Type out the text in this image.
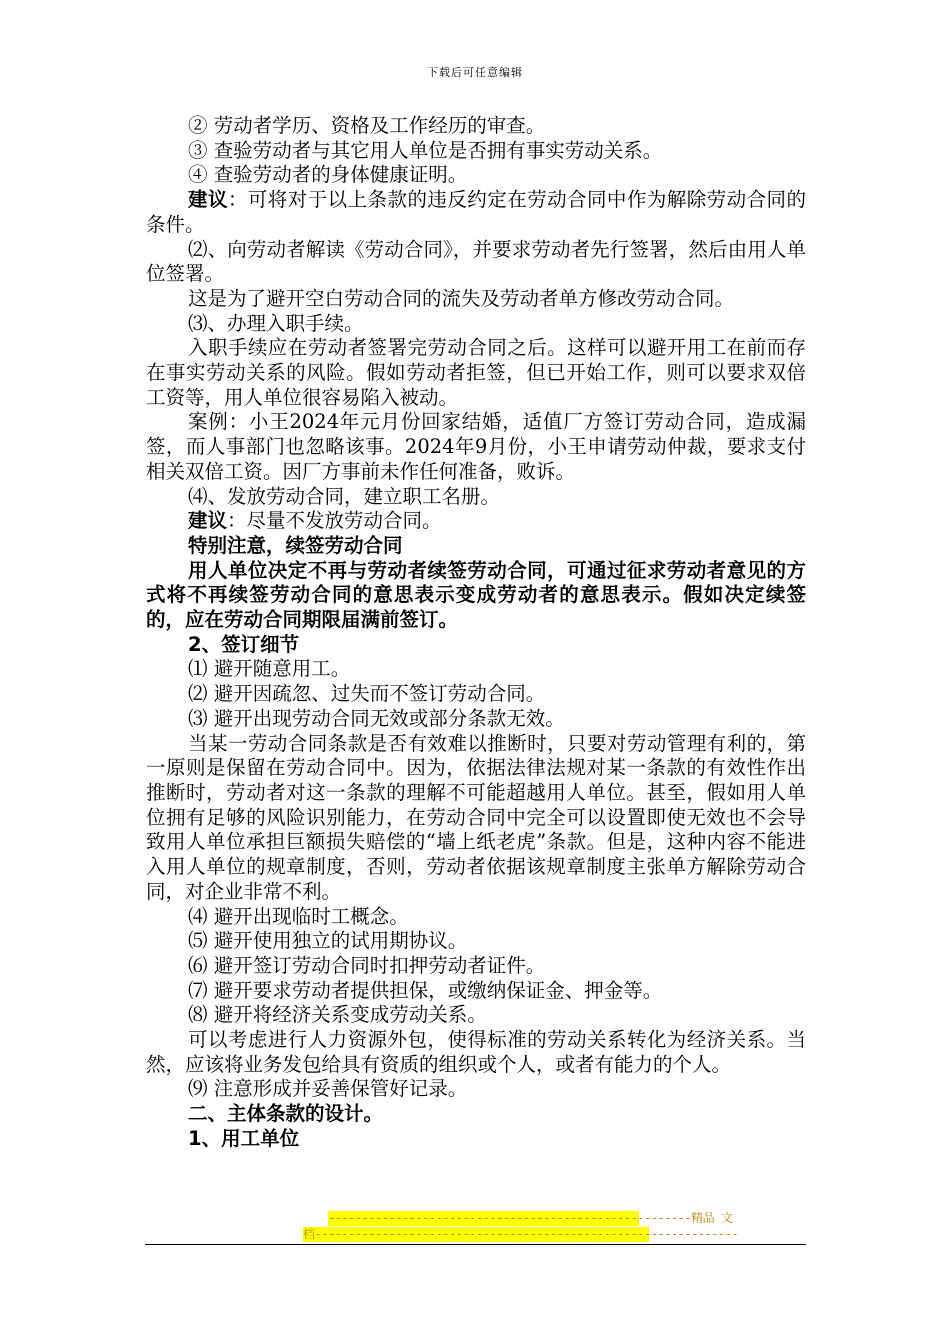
下载后可任意编辑

② 劳动者学历、资格及工作经历的审查。

③ 查验劳动者与其它用人单位是否拥有事实劳动关系。

④ 查验劳动者的身体健康证明。

建议：可将对于以上条款的违反约定在劳动合同中作为解除劳动合同的条件。

⑵、向劳动者解读《劳动合同》，并要求劳动者先行签署，然后由用人单位签署。

这是为了避开空白劳动合同的流失及劳动者单方修改劳动合同。

⑶、办理入职手续。

入职手续应在劳动者签署完劳动合同之后。这样可以避开用工在前而存在事实劳动关系的风险。假如劳动者拒签，但已开始工作，则可以要求双倍工资等，用人单位很容易陷入被动。

案例：小王2024年元月份回家结婚，适值厂方签订劳动合同，造成漏签，而人事部门也忽略该事。2024年9月份，小王申请劳动仲裁，要求支付相关双倍工资。因厂方事前未作任何准备，败诉。

⑷、发放劳动合同，建立职工名册。

建议：尽量不发放劳动合同。

特别注意，续签劳动合同

用人单位决定不再与劳动者续签劳动合同，可通过征求劳动者意见的方式将不再续签劳动合同的意思表示变成劳动者的意思表示。假如决定续签的，应在劳动合同期限届满前签订。

2、签订细节

⑴ 避开随意用工。

⑵ 避开因疏忽、过失而不签订劳动合同。

⑶ 避开出现劳动合同无效或部分条款无效。

当某一劳动合同条款是否有效难以推断时，只要对劳动管理有利的，第一原则是保留在劳动合同中。因为，依据法律法规对某一条款的有效性作出推断时，劳动者对这一条款的理解不可能超越用人单位。甚至，假如用人单位拥有足够的风险识别能力，在劳动合同中完全可以设置即使无效也不会导致用人单位承担巨额损失赔偿的“墙上纸老虎”条款。但是，这种内容不能进入用人单位的规章制度，否则，劳动者依据该规章制度主张单方解除劳动合同，对企业非常不利。

⑷ 避开出现临时工概念。

⑸ 避开使用独立的试用期协议。

⑹ 避开签订劳动合同时扣押劳动者证件。

⑺ 避开要求劳动者提供担保，或缴纳保证金、押金等。

⑻ 避开将经济关系变成劳动关系。

可以考虑进行人力资源外包，使得标准的劳动关系转化为经济关系。当然，应该将业务发包给具有资质的组织或个人，或者有能力的个人。

⑼ 注意形成并妥善保管好记录。

二、主体条款的设计。

1、用工单位

------------------------------------------------------精品 文
档---------------------------------------------------------------
